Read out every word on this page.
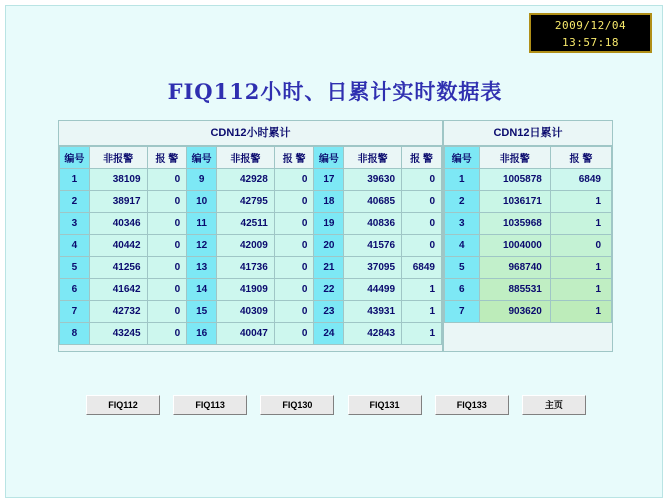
2009/12/04
13:57:18
FIQ112小时、日累计实时数据表
CDN12小时累计
编号	非报警	报 警	编号	非报警	报 警	编号	非报警	报 警
1	38109	0	9	42928	0	17	39630	0
2	38917	0	10	42795	0	18	40685	0
3	40346	0	11	42511	0	19	40836	0
4	40442	0	12	42009	0	20	41576	0
5	41256	0	13	41736	0	21	37095	6849
6	41642	0	14	41909	0	22	44499	1
7	42732	0	15	40309	0	23	43931	1
8	43245	0	16	40047	0	24	42843	1
CDN12日累计
编号	非报警	报 警
1	1005878	6849
2	1036171	1
3	1035968	1
4	1004000	0
5	968740	1
6	885531	1
7	903620	1
FIQ112	FIQ113	FIQ130	FIQ131	FIQ133	主页
